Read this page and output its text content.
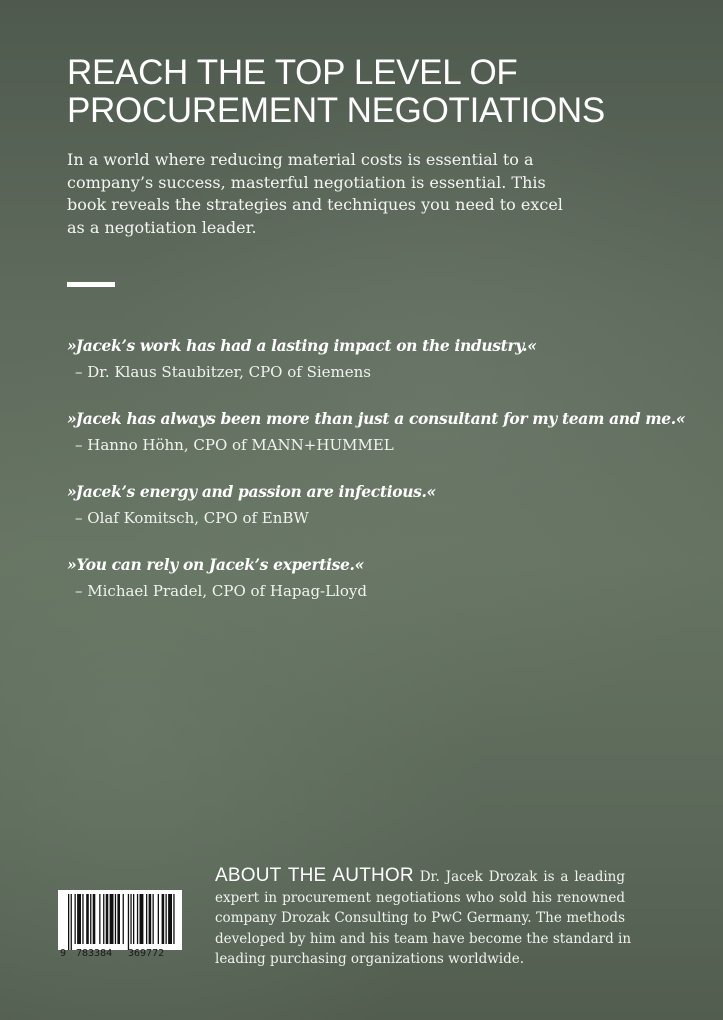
REACH THE TOP LEVEL OF
PROCUREMENT NEGOTIATIONS

In a world where reducing material costs is essential to a
company’s success, masterful negotiation is essential. This
book reveals the strategies and techniques you need to excel
as a negotiation leader.

»Jacek’s work has had a lasting impact on the industry.«
– Dr. Klaus Staubitzer, CPO of Siemens
»Jacek has always been more than just a consultant for my team and me.«
– Hanno Höhn, CPO of MANN+HUMMEL
»Jacek’s energy and passion are infectious.«
– Olaf Komitsch, CPO of EnBW
»You can rely on Jacek’s expertise.«
– Michael Pradel, CPO of Hapag-Lloyd
9 783384 369772
ABOUT THE AUTHOR Dr. Jacek Drozak is a leading
expert in procurement negotiations who sold his renowned
company Drozak Consulting to PwC Germany. The methods
developed by him and his team have become the standard in
leading purchasing organizations worldwide.
